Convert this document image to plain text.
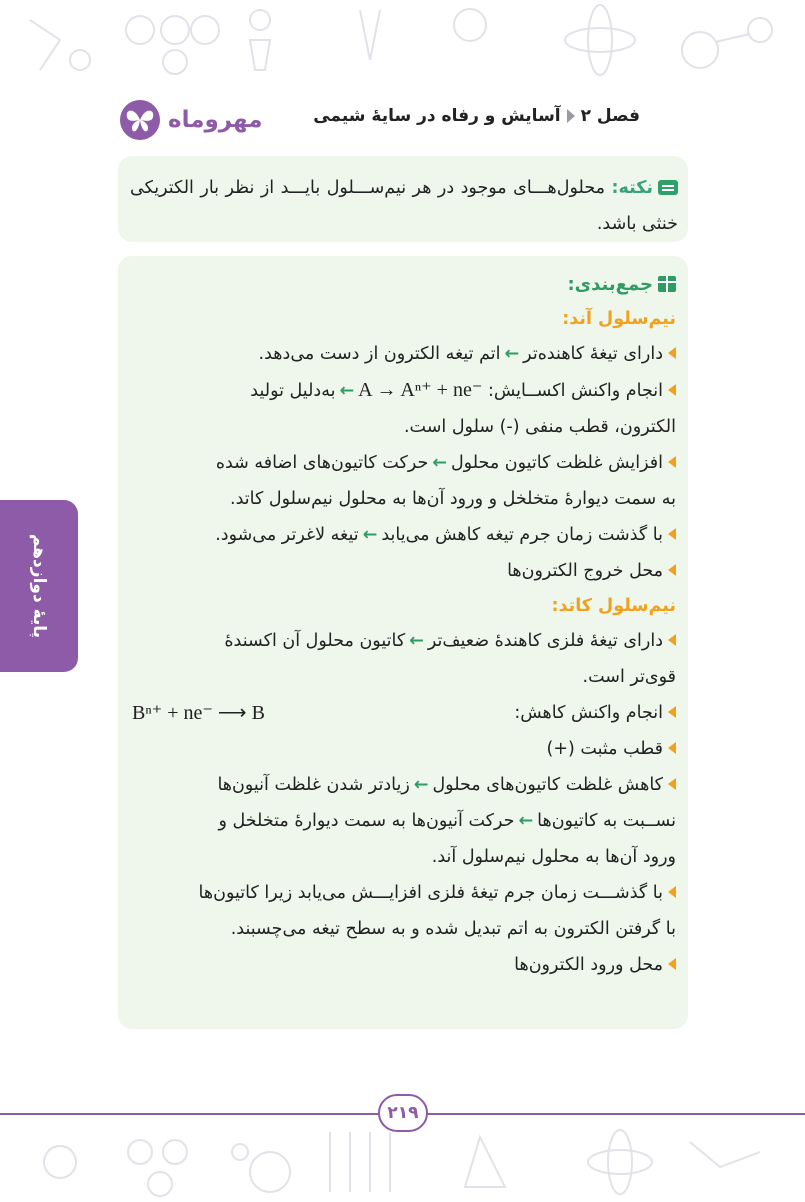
مهروماه	فصل ۲
آسایش و رفاه در سایهٔ شیمی
پایهٔ دوازدهم
نکته: محلول‌هـــای موجود در هر نیم‌ســـلول بایـــد از نظر بار الکتریکی خنثی باشد.
جمع‌بندی:
نیم‌سلول آند:
دارای تیغهٔ کاهنده‌تر←اتم تیغه الکترون از دست می‌دهد.
انجام واکنش اکســایش: A → Aⁿ⁺ + ne⁻←به‌دلیل تولید
الکترون، قطب منفی (-) سلول است.
افزایش غلظت کاتیون محلول←حرکت کاتیون‌های اضافه شده
به سمت دیوارهٔ متخلخل و ورود آن‌ها به محلول نیم‌سلول کاتد.
با گذشت زمان جرم تیغه کاهش می‌یابد←تیغه لاغرتر می‌شود.
محل خروج الکترون‌ها
نیم‌سلول کاتد:
دارای تیغهٔ فلزی کاهندهٔ ضعیف‌تر←کاتیون محلول آن اکسندهٔ
قوی‌تر است.
انجام واکنش کاهش:
Bⁿ⁺ + ne⁻ ⟶ B
قطب مثبت (+)
کاهش غلظت کاتیون‌های محلول←زیادتر شدن غلظت آنیون‌ها
نســبت به کاتیون‌ها←حرکت آنیون‌ها به سمت دیوارهٔ متخلخل و
ورود آن‌ها به محلول نیم‌سلول آند.
با گذشـــت زمان جرم تیغهٔ فلزی افزایـــش می‌یابد زیرا کاتیون‌ها
با گرفتن الکترون به اتم تبدیل شده و به سطح تیغه می‌چسبند.
محل ورود الکترون‌ها
۲۱۹
